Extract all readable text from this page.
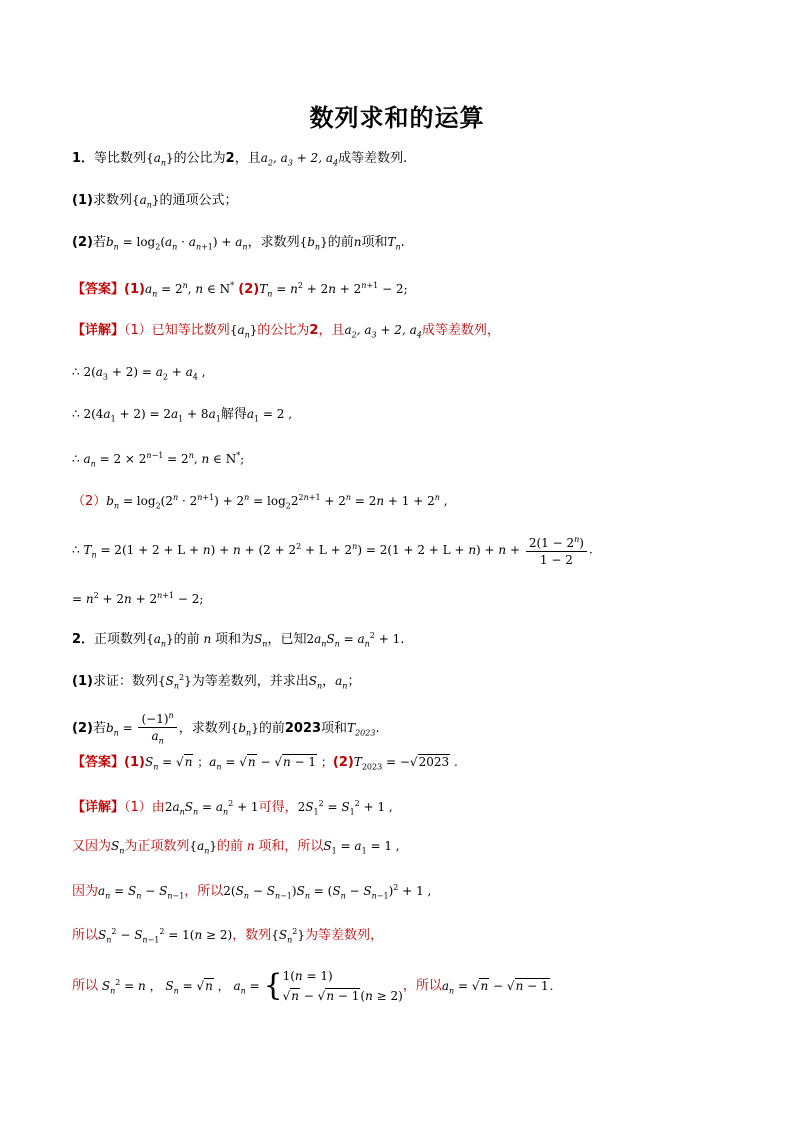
数列求和的运算
1．等比数列$\{a_n\}$的公比为2，且$a_2$, $a_3 + 2$, $a_4$成等差数列.
(1)求数列$\{a_n\}$的通项公式；
(2)若$b_n = \log_2(a_n \cdot a_{n+1}) + a_n$，求数列$\{b_n\}$的前n项和$T_n$.
【答案】$(1)a_n = 2^n$, n ∈ N* $(2)T_n = n^2 + 2n + 2^{n+1} - 2$;
【详解】（1）已知等比数列$\{a_n\}$的公比为2，且$a_2$, $a_3 + 2$, $a_4$成等差数列，
∴ $2(a_3 + 2) = a_2 + a_4$ ,
∴ $2(4a_1 + 2) = 2a_1 + 8a_1$解得$a_1 = 2$ ,
∴ $a_n = 2 \times 2^{n-1} = 2^n$, n ∈ N*;
$(2)b_n = \log_2(2^n \cdot 2^{n+1}) + 2^n = \log_22^{2n+1} + 2^n = 2n + 1 + 2^n$ ,
∴ $T_n = 2(1 + 2 + L + n) + n + (2 + 2^2 + L + 2^n) = 2(1 + 2 + L + n) + n + \frac{2(1 - 2^n)}{1 - 2}$ .
= $n^2 + 2n + 2^{n+1} - 2$;
2．正项数列$\{a_n\}$的前 n 项和为$S_n$，已知$2a_nS_n = a_n^2 + 1$.
(1)求证：数列$\{S_n^2\}$为等差数列，并求出$S_n$，$a_n$；
(2)若$b_n = \frac{(-1)^n}{a_n}$ ，求数列$\{b_n\}$的前2023项和$T_{2023}$.
【答案】$(1)S_n = √n$ ；$a_n = √n - √n - 1$ ；$(2)T_{2023} = -√2023$ .
【详解】（1）由$2a_nS_n = a_n^2 + 1$可得，$2S_1^2 = S_1^2 + 1$ ,
又因为$S_n$为正项数列$\{a_n\}$的前 n 项和，所以$S_1 = a_1 = 1$ ,
因为$a_n = S_n - S_{n-1}$，所以$2(S_n - S_{n-1})S_n = (S_n - S_{n-1})^2 + 1$ ,
所以$S_n^2 - S_{n-1}^2 = 1(n \ge 2)$，数列$\{S_n^2\}$为等差数列，
所以 $S_n^2 = n$ ， $S_n = √n$ ， $a_n$ = { 1(n = 1)
√n − √n − 1(n ≥ 2)
，所以$a_n = √n - √n - 1$.
